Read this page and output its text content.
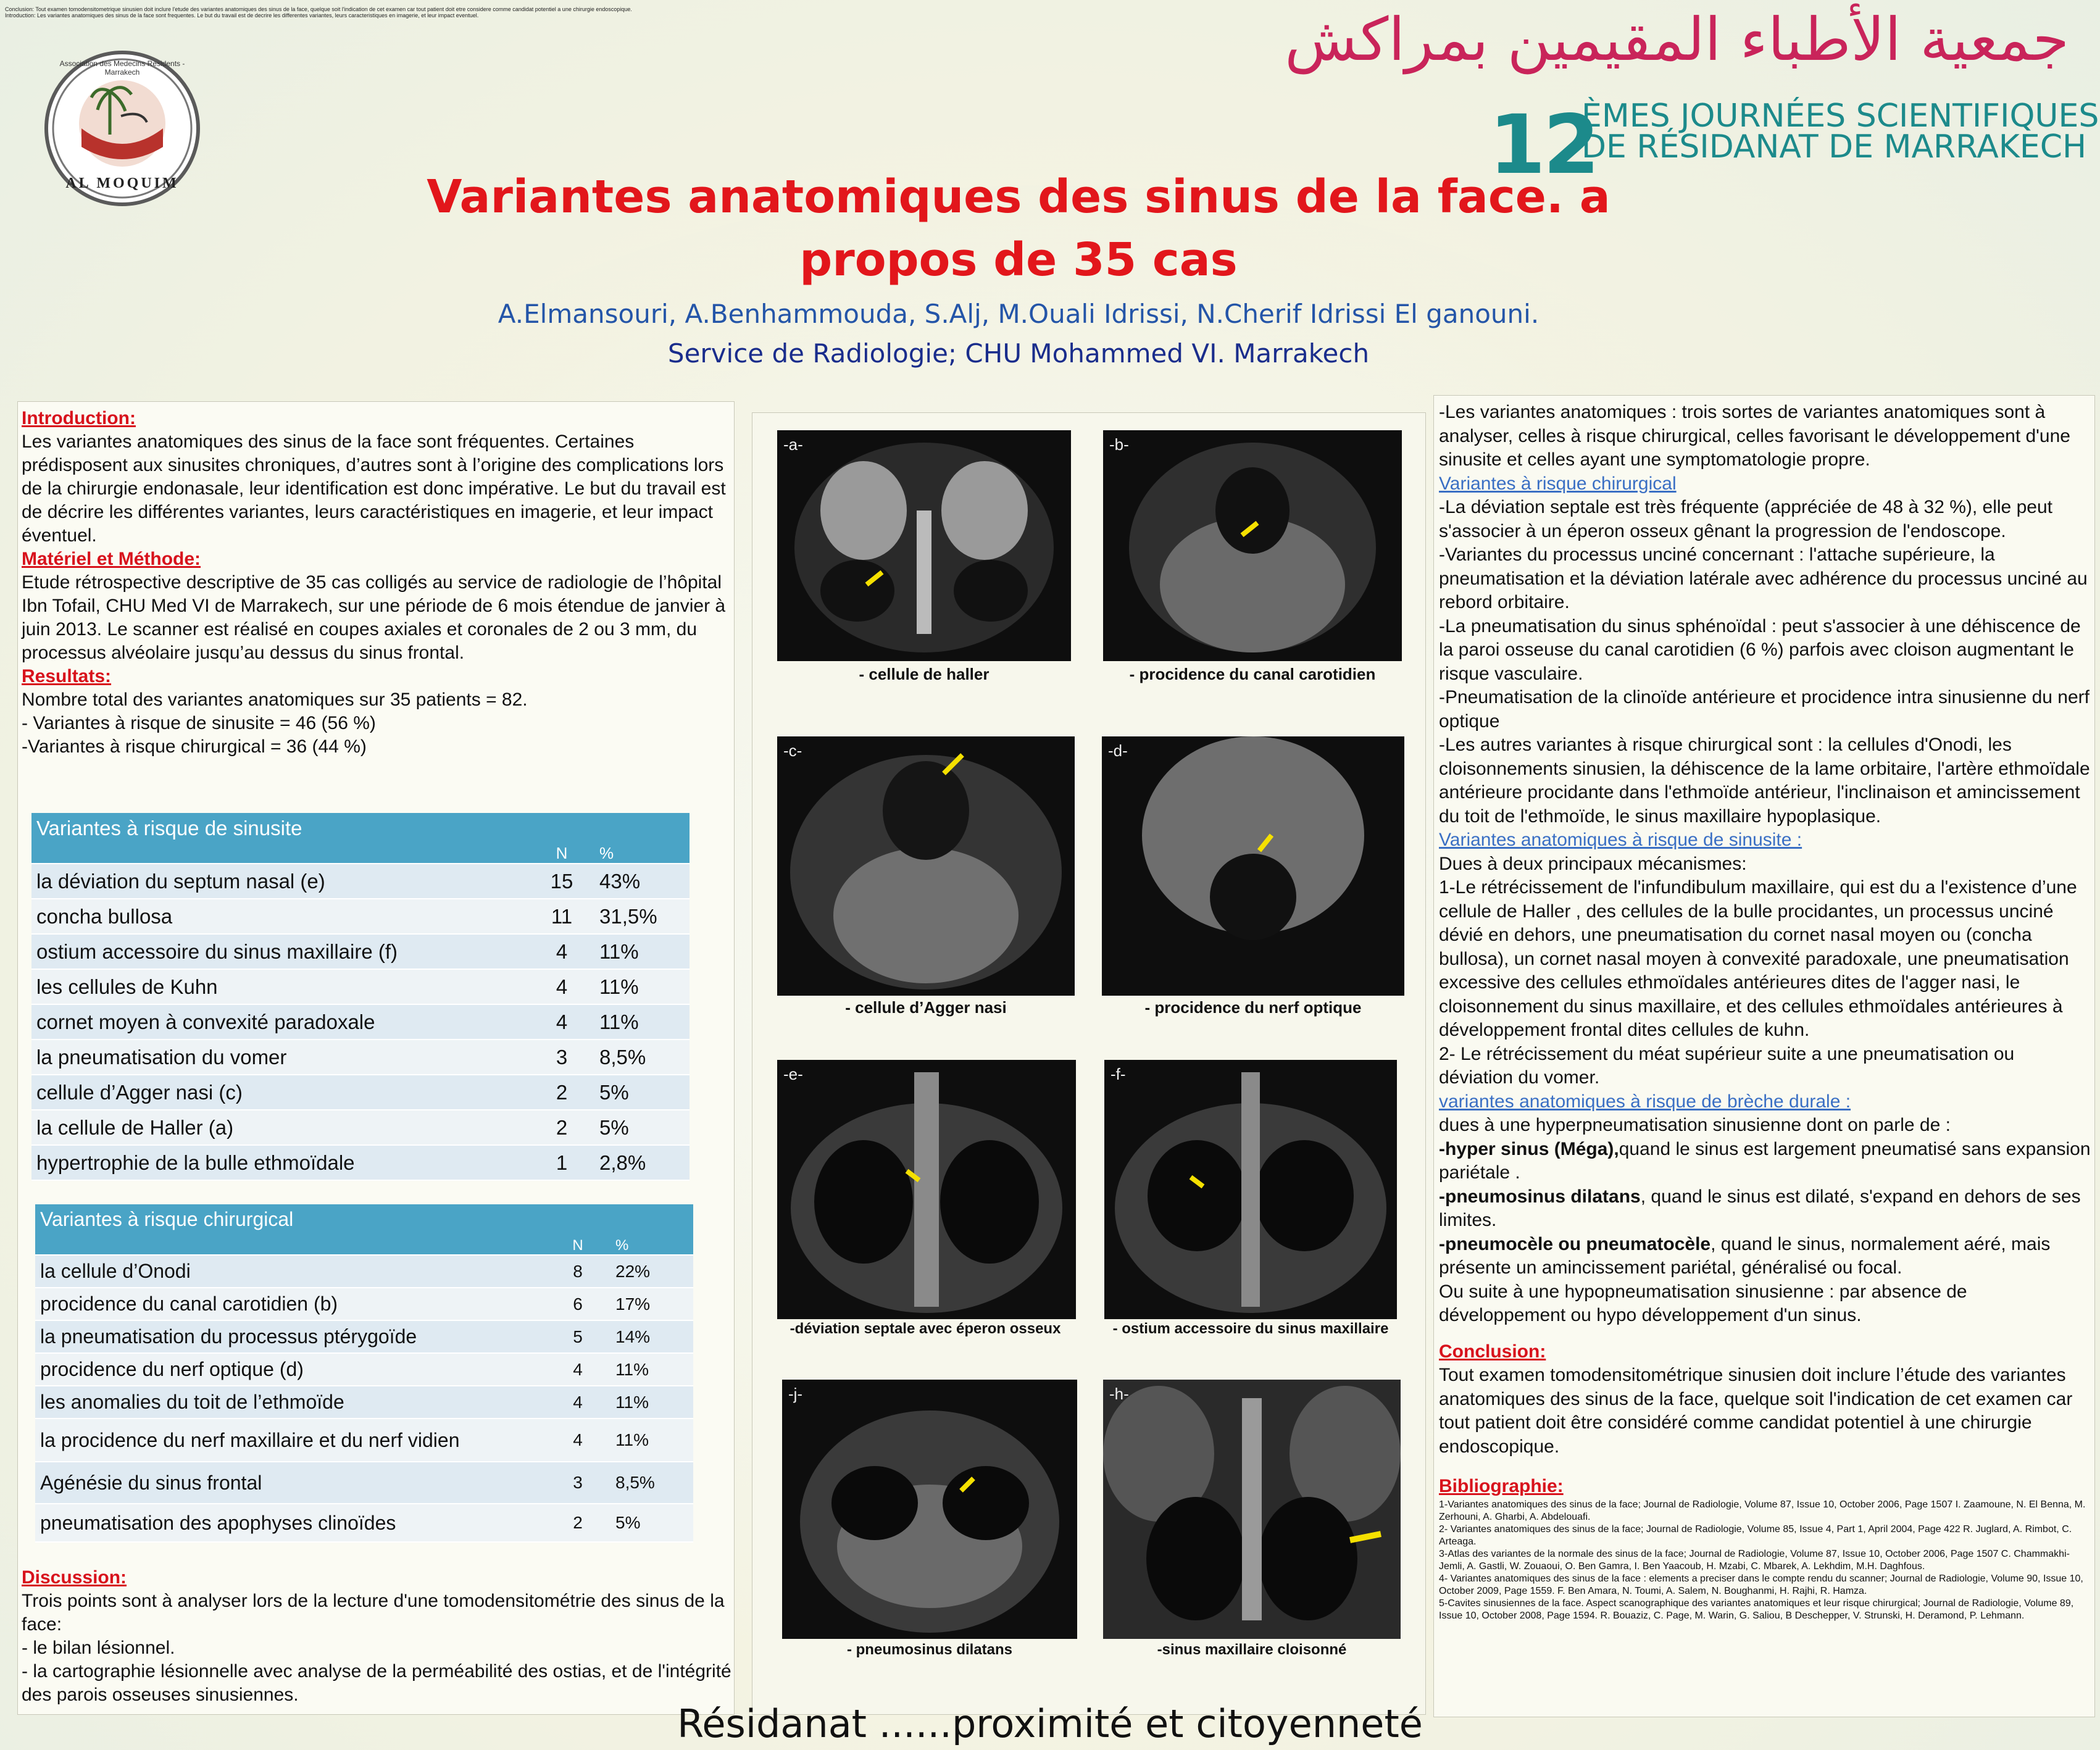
Conclusion: Tout examen tomodensitometrique sinusien doit inclure l'etude des variantes anatomiques des sinus de la face, quelque soit l'indication de cet examen car tout patient doit etre considere comme candidat potentiel a une chirurgie endoscopique.
Introduction: Les variantes anatomiques des sinus de la face sont frequentes. Le but du travail est de decrire les differentes variantes, leurs caracteristiques en imagerie, et leur impact eventuel.
Association des Medecins Residents - Marrakech
AL MOQUIM
جمعية الأطباء المقيمين بمراكش
12
ÈMES JOURNÉES SCIENTIFIQUES
DE RÉSIDANAT DE MARRAKECH
Variantes anatomiques des sinus de la face. a propos de 35 cas
A.Elmansouri, A.Benhammouda, S.Alj, M.Ouali Idrissi, N.Cherif Idrissi El ganouni.
Service de Radiologie; CHU Mohammed VI. Marrakech

Introduction:

Les variantes anatomiques des sinus de la face sont fréquentes. Certaines prédisposent aux sinusites chroniques, d’autres sont à l’origine des complications lors de la chirurgie endonasale, leur identification est donc impérative. Le but du travail est de décrire les différentes variantes, leurs caractéristiques en imagerie, et leur impact éventuel.

Matériel et Méthode:

Etude rétrospective descriptive de 35 cas colligés au service de radiologie de l’hôpital Ibn Tofail, CHU Med VI de Marrakech, sur une période de 6 mois étendue de janvier à juin 2013. Le scanner est réalisé en coupes axiales et coronales de 2 ou 3 mm, du processus alvéolaire jusqu’au dessus du sinus frontal.

Resultats:

Nombre total des variantes anatomiques sur 35 patients = 82.

- Variantes à risque de sinusite = 46 (56 %)

-Variantes à risque chirurgical = 36 (44 %)

Variantes à risque de sinusite	N	%
la déviation du septum nasal (e)	15	43%
concha bullosa	11	31,5%
ostium accessoire du sinus maxillaire (f)	4	11%
les cellules de Kuhn	4	11%
cornet moyen à convexité paradoxale	4	11%
la pneumatisation du vomer	3	8,5%
cellule d’Agger nasi (c)	2	5%
la cellule de Haller (a)	2	5%
hypertrophie de la bulle ethmoïdale	1	2,8%
Variantes à risque chirurgical	N	%
la cellule d’Onodi	8	22%
procidence du canal carotidien (b)	6	17%
la pneumatisation du processus ptérygoïde	5	14%
procidence du nerf optique (d)	4	11%
les anomalies du toit de l’ethmoïde	4	11%
la procidence du nerf maxillaire et du nerf vidien	4	11%
Agénésie du sinus frontal	3	8,5%
pneumatisation des apophyses clinoïdes	2	5%

Discussion:

Trois points sont à analyser lors de la lecture d'une tomodensitométrie des sinus de la face:

- le bilan lésionnel.

- la cartographie lésionnelle avec analyse de la perméabilité des ostias, et de l'intégrité des parois osseuses sinusiennes.

-a-
- cellule de haller
-b-
- procidence du canal carotidien
-c-
- cellule d’Agger nasi
-d-
- procidence du nerf optique
-e-
-déviation septale avec éperon osseux
-f-
- ostium accessoire du sinus maxillaire
-j-
- pneumosinus dilatans
-h-
-sinus maxillaire cloisonné

-Les variantes anatomiques : trois sortes de variantes anatomiques sont à analyser, celles à risque chirurgical, celles favorisant le développement d'une sinusite et celles ayant une symptomatologie propre.

Variantes à risque chirurgical

-La déviation septale est très fréquente (appréciée de 48 à 32 %), elle peut s'associer à un éperon osseux gênant la progression de l'endoscope.

-Variantes du processus unciné concernant : l'attache supérieure, la pneumatisation et la déviation latérale avec adhérence du processus unciné au rebord orbitaire.

-La pneumatisation du sinus sphénoïdal : peut s'associer à une déhiscence de la paroi osseuse du canal carotidien (6 %) parfois avec cloison augmentant le risque vasculaire.

-Pneumatisation de la clinoïde antérieure et procidence intra sinusienne du nerf optique

-Les autres variantes à risque chirurgical sont : la cellules d'Onodi, les cloisonnements sinusien, la déhiscence de la lame orbitaire, l'artère ethmoïdale antérieure procidante dans l'ethmoïde antérieur, l'inclinaison et amincissement du toit de l'ethmoïde, le sinus maxillaire hypoplasique.

Variantes anatomiques à risque de sinusite :

Dues à deux principaux mécanismes:

1-Le rétrécissement de l'infundibulum maxillaire, qui est du a l'existence d’une cellule de Haller , des cellules de la bulle procidantes, un processus unciné dévié en dehors, une pneumatisation du cornet nasal moyen ou (concha bullosa), un cornet nasal moyen à convexité paradoxale, une pneumatisation excessive des cellules ethmoïdales antérieures dites de l'agger nasi, le cloisonnement du sinus maxillaire, et des cellules ethmoïdales antérieures à développement frontal dites cellules de kuhn.

2- Le rétrécissement du méat supérieur suite a une pneumatisation ou déviation du vomer.

variantes anatomiques à risque de brèche durale :

dues à une hyperpneumatisation sinusienne dont on parle de :

-hyper sinus (Méga),quand le sinus est largement pneumatisé sans expansion pariétale .

-pneumosinus dilatans, quand le sinus est dilaté, s'expand en dehors de ses limites.

-pneumocèle ou pneumatocèle, quand le sinus, normalement aéré, mais présente un amincissement pariétal, généralisé ou focal.

Ou suite à une hypopneumatisation sinusienne : par absence de développement ou hypo développement d'un sinus.

Conclusion:

Tout examen tomodensitométrique sinusien doit inclure l’étude des variantes anatomiques des sinus de la face, quelque soit l'indication de cet examen car tout patient doit être considéré comme candidat potentiel à une chirurgie endoscopique.

Bibliographie:

1-Variantes anatomiques des sinus de la face; Journal de Radiologie, Volume 87, Issue 10, October 2006, Page 1507 I. Zaamoune, N. El Benna, M. Zerhouni, A. Gharbi, A. Abdelouafi.

2- Variantes anatomiques des sinus de la face; Journal de Radiologie, Volume 85, Issue 4, Part 1, April 2004, Page 422 R. Juglard, A. Rimbot, C. Arteaga.

3-Atlas des variantes de la normale des sinus de la face; Journal de Radiologie, Volume 87, Issue 10, October 2006, Page 1507 C. Chammakhi-Jemli, A. Gastli, W. Zouaoui, O. Ben Gamra, I. Ben Yaacoub, H. Mzabi, C. Mbarek, A. Lekhdim, M.H. Daghfous.

4- Variantes anatomiques des sinus de la face : elements a preciser dans le compte rendu du scanner; Journal de Radiologie, Volume 90, Issue 10, October 2009, Page 1559. F. Ben Amara, N. Toumi, A. Salem, N. Boughanmi, H. Rajhi, R. Hamza.

5-Cavites sinusiennes de la face. Aspect scanographique des variantes anatomiques et leur risque chirurgical; Journal de Radiologie, Volume 89, Issue 10, October 2008, Page 1594. R. Bouaziz, C. Page, M. Warin, G. Saliou, B Deschepper, V. Strunski, H. Deramond, P. Lehmann.

Résidanat ......proximité et citoyenneté
